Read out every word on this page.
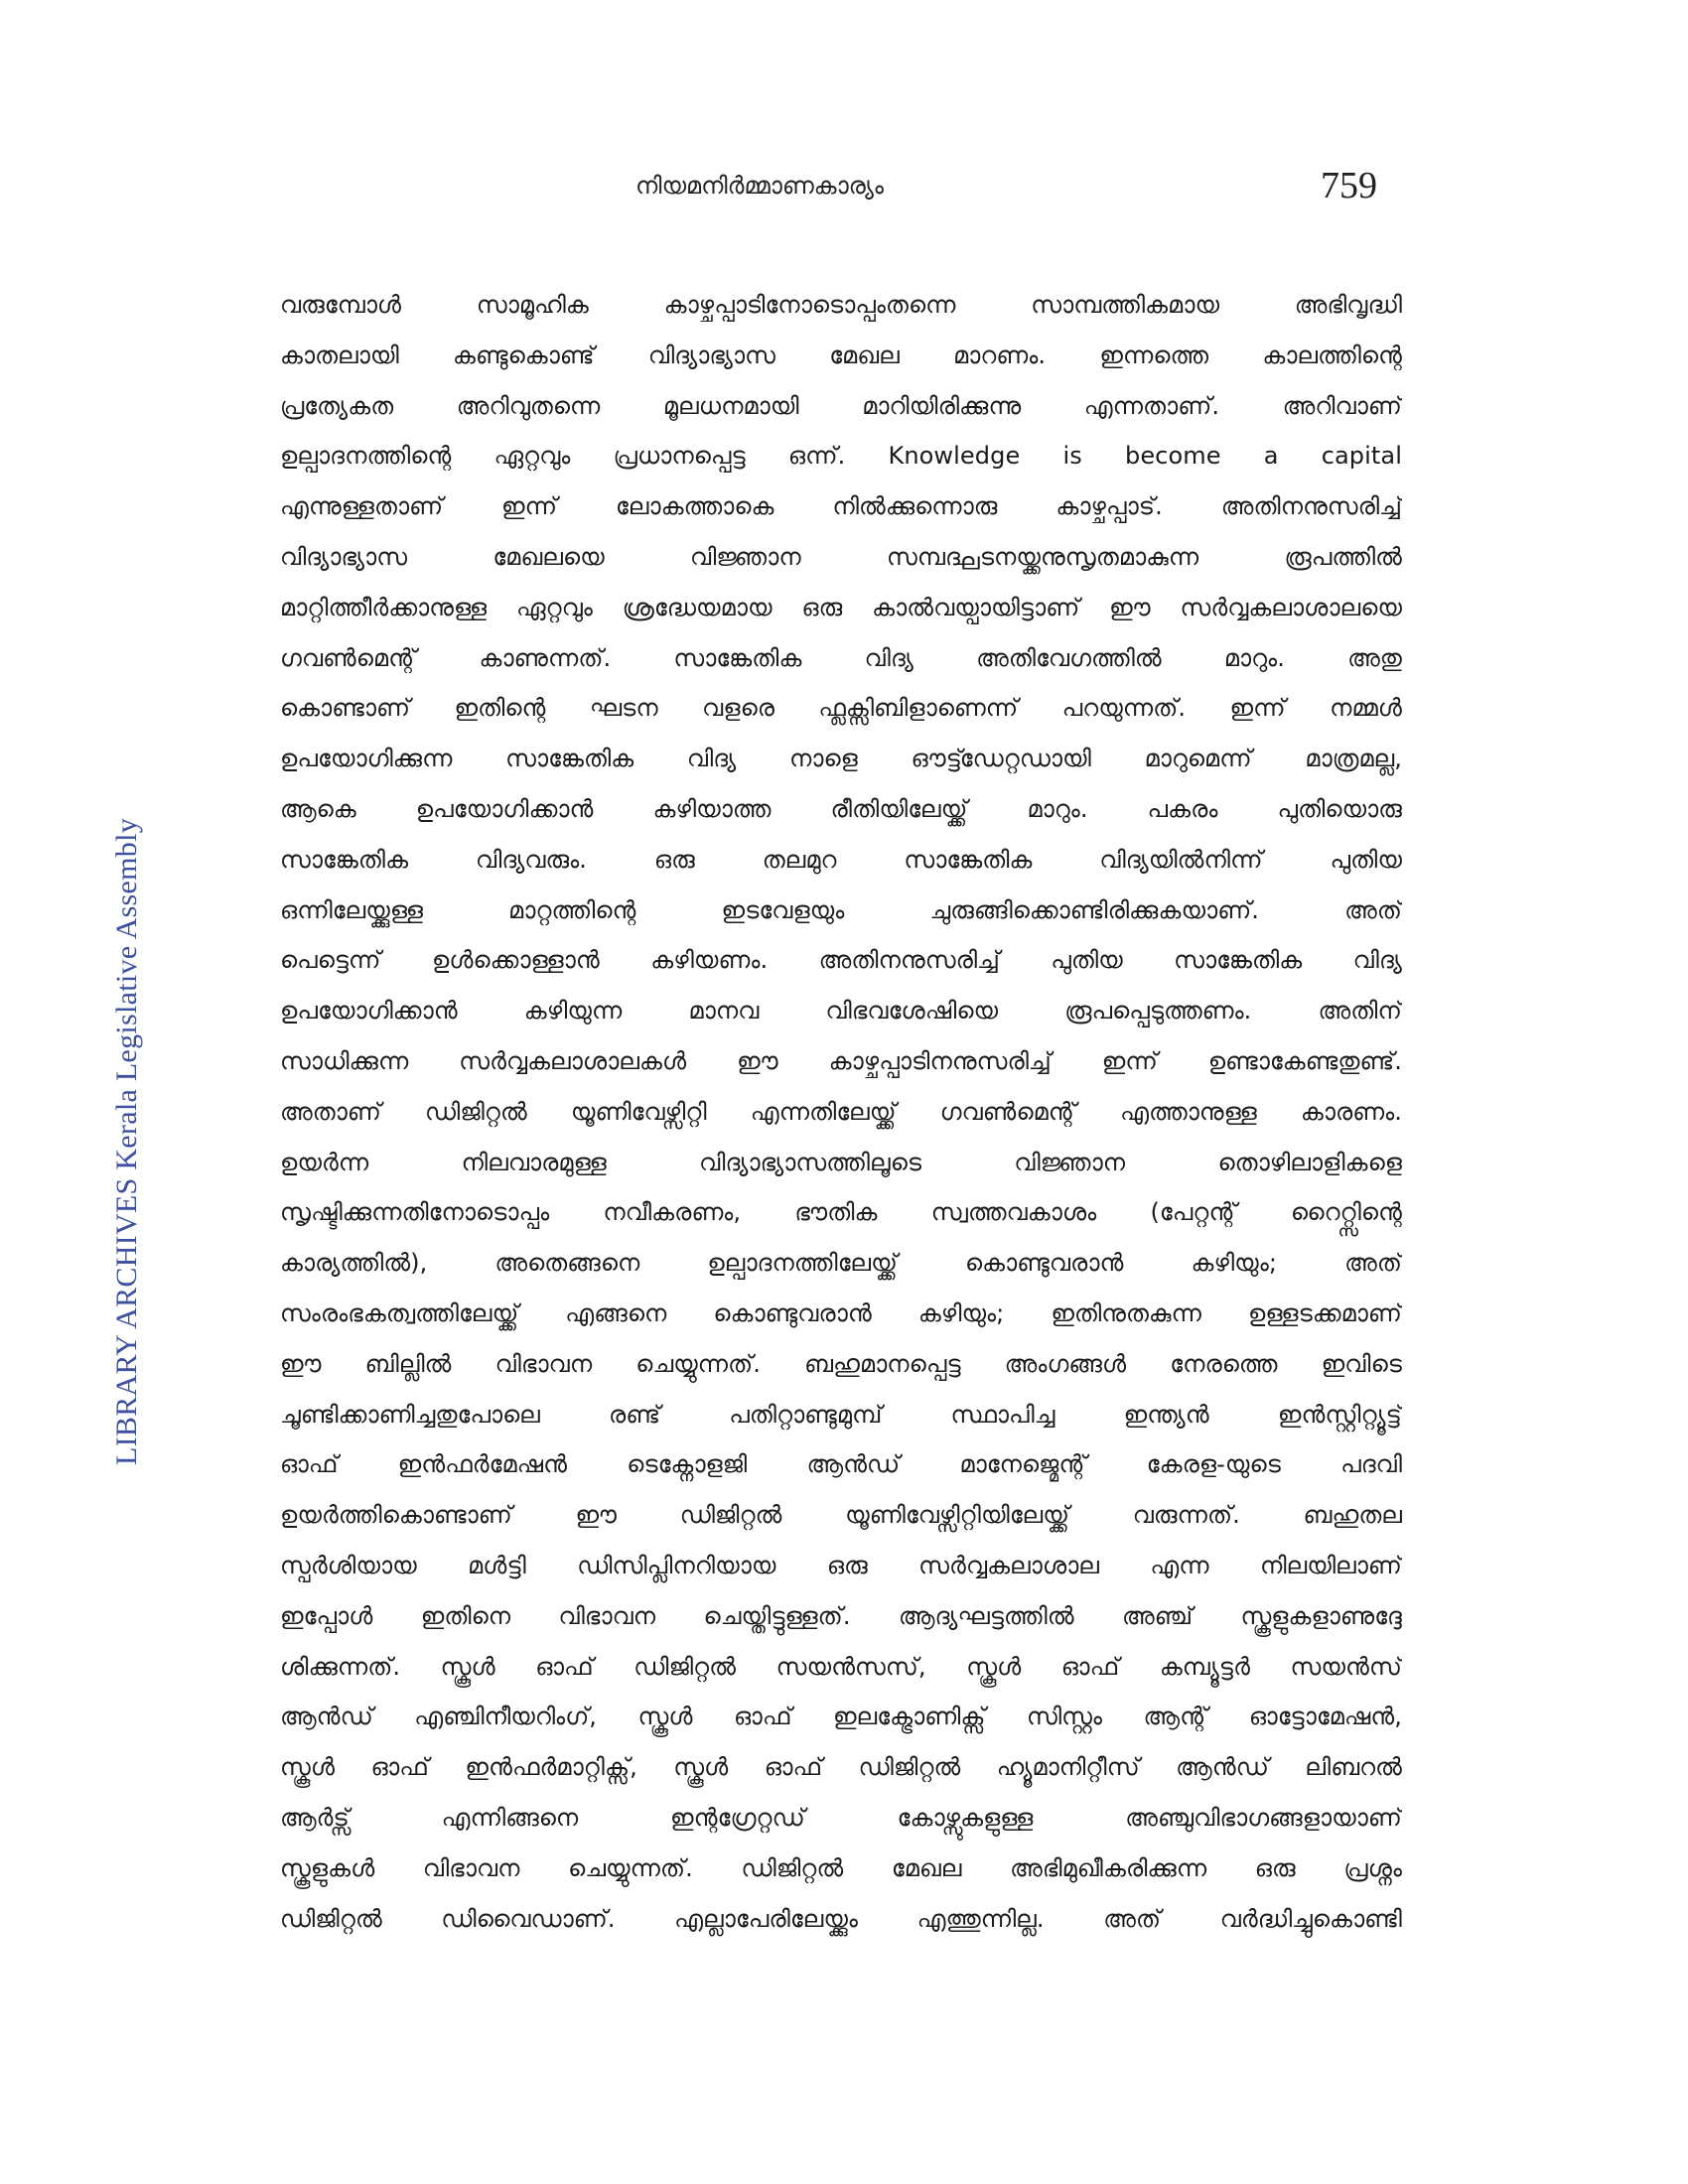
നിയമനിർമ്മാണകാര്യം	759
LIBRARY ARCHIVES Kerala Legislative Assembly
വരുമ്പോൾ സാമൂഹിക കാഴ്ചപ്പാടിനോടൊപ്പംതന്നെ സാമ്പത്തികമായ അഭിവൃദ്ധി
കാതലായി കണ്ടുകൊണ്ട് വിദ്യാഭ്യാസ മേഖല മാറണം. ഇന്നത്തെ കാലത്തിന്റെ
പ്രത്യേകത അറിവുതന്നെ മൂലധനമായി മാറിയിരിക്കുന്നു എന്നതാണ്. അറിവാണ്
ഉല്പാദനത്തിന്റെ ഏറ്റവും പ്രധാനപ്പെട്ട ഒന്ന്. Knowledge is become a capital
എന്നുള്ളതാണ് ഇന്ന് ലോകത്താകെ നിൽക്കുന്നൊരു കാഴ്ചപ്പാട്. അതിനനുസരിച്ച്
വിദ്യാഭ്യാസ മേഖലയെ വിജ്ഞാന സമ്പദ്ഘടനയ്ക്കനുസൃതമാകുന്ന രൂപത്തിൽ
മാറ്റിത്തീർക്കാനുള്ള ഏറ്റവും ശ്രദ്ധേയമായ ഒരു കാൽവയ്പായിട്ടാണ് ഈ സർവ്വകലാശാലയെ
ഗവൺമെന്റ് കാണുന്നത്. സാങ്കേതിക വിദ്യ അതിവേഗത്തിൽ മാറും. അതു
കൊണ്ടാണ് ഇതിന്റെ ഘടന വളരെ ഫ്ലക്സിബിളാണെന്ന് പറയുന്നത്. ഇന്ന് നമ്മൾ
ഉപയോഗിക്കുന്ന സാങ്കേതിക വിദ്യ നാളെ ഔട്ട്ഡേറ്റഡായി മാറുമെന്ന് മാത്രമല്ല,
ആകെ ഉപയോഗിക്കാൻ കഴിയാത്ത രീതിയിലേയ്ക്ക് മാറും. പകരം പുതിയൊരു
സാങ്കേതിക വിദ്യവരും. ഒരു തലമുറ സാങ്കേതിക വിദ്യയിൽനിന്ന് പുതിയ
ഒന്നിലേയ്ക്കുള്ള മാറ്റത്തിന്റെ ഇടവേളയും ചുരുങ്ങിക്കൊണ്ടിരിക്കുകയാണ്. അത്
പെട്ടെന്ന് ഉൾക്കൊള്ളാൻ കഴിയണം. അതിനനുസരിച്ച് പുതിയ സാങ്കേതിക വിദ്യ
ഉപയോഗിക്കാൻ കഴിയുന്ന മാനവ വിഭവശേഷിയെ രൂപപ്പെടുത്തണം. അതിന്
സാധിക്കുന്ന സർവ്വകലാശാലകൾ ഈ കാഴ്ചപ്പാടിനനുസരിച്ച് ഇന്ന് ഉണ്ടാകേണ്ടതുണ്ട്.
അതാണ് ഡിജിറ്റൽ യൂണിവേഴ്സിറ്റി എന്നതിലേയ്ക്ക് ഗവൺമെന്റ് എത്താനുള്ള കാരണം.
ഉയർന്ന നിലവാരമുള്ള വിദ്യാഭ്യാസത്തിലൂടെ വിജ്ഞാന തൊഴിലാളികളെ
സൃഷ്ടിക്കുന്നതിനോടൊപ്പം നവീകരണം, ഭൗതിക സ്വത്തവകാശം (പേറ്റന്റ് റൈറ്റ്സിന്റെ
കാര്യത്തിൽ), അതെങ്ങനെ ഉല്പാദനത്തിലേയ്ക്ക് കൊണ്ടുവരാൻ കഴിയും; അത്
സംരംഭകത്വത്തിലേയ്ക്ക് എങ്ങനെ കൊണ്ടുവരാൻ കഴിയും; ഇതിനുതകുന്ന ഉള്ളടക്കമാണ്
ഈ ബില്ലിൽ വിഭാവന ചെയ്യുന്നത്. ബഹുമാനപ്പെട്ട അംഗങ്ങൾ നേരത്തെ ഇവിടെ
ചൂണ്ടിക്കാണിച്ചതുപോലെ രണ്ട് പതിറ്റാണ്ടുമുമ്പ് സ്ഥാപിച്ച ഇന്ത്യൻ ഇൻസ്റ്റിറ്റ്യൂട്ട്
ഓഫ് ഇൻഫർമേഷൻ ടെക്നോളജി ആൻഡ് മാനേജ്മെന്റ് കേരള-യുടെ പദവി
ഉയർത്തികൊണ്ടാണ് ഈ ഡിജിറ്റൽ യൂണിവേഴ്സിറ്റിയിലേയ്ക്ക് വരുന്നത്. ബഹുതല
സ്പർശിയായ മൾട്ടി ഡിസിപ്ലിനറിയായ ഒരു സർവ്വകലാശാല എന്ന നിലയിലാണ്
ഇപ്പോൾ ഇതിനെ വിഭാവന ചെയ്തിട്ടുള്ളത്. ആദ്യഘട്ടത്തിൽ അഞ്ച് സ്കൂളുകളാണുദ്ദേ
ശിക്കുന്നത്. സ്കൂൾ ഓഫ് ഡിജിറ്റൽ സയൻസസ്, സ്കൂൾ ഓഫ് കമ്പ്യൂട്ടർ സയൻസ്
ആൻഡ് എഞ്ചിനീയറിംഗ്, സ്കൂൾ ഓഫ് ഇലക്ട്രോണിക്സ് സിസ്റ്റം ആന്റ് ഓട്ടോമേഷൻ,
സ്കൂൾ ഓഫ് ഇൻഫർമാറ്റിക്സ്, സ്കൂൾ ഓഫ് ഡിജിറ്റൽ ഹ്യൂമാനിറ്റീസ് ആൻഡ് ലിബറൽ
ആർട്സ് എന്നിങ്ങനെ ഇന്റഗ്രേറ്റഡ് കോഴ്സുകളുള്ള അഞ്ചുവിഭാഗങ്ങളായാണ്
സ്കൂളുകൾ വിഭാവന ചെയ്യുന്നത്. ഡിജിറ്റൽ മേഖല അഭിമുഖീകരിക്കുന്ന ഒരു പ്രശ്നം
ഡിജിറ്റൽ ഡിവൈഡാണ്. എല്ലാപേരിലേയ്ക്കും എത്തുന്നില്ല. അത് വർദ്ധിച്ചുകൊണ്ടി
